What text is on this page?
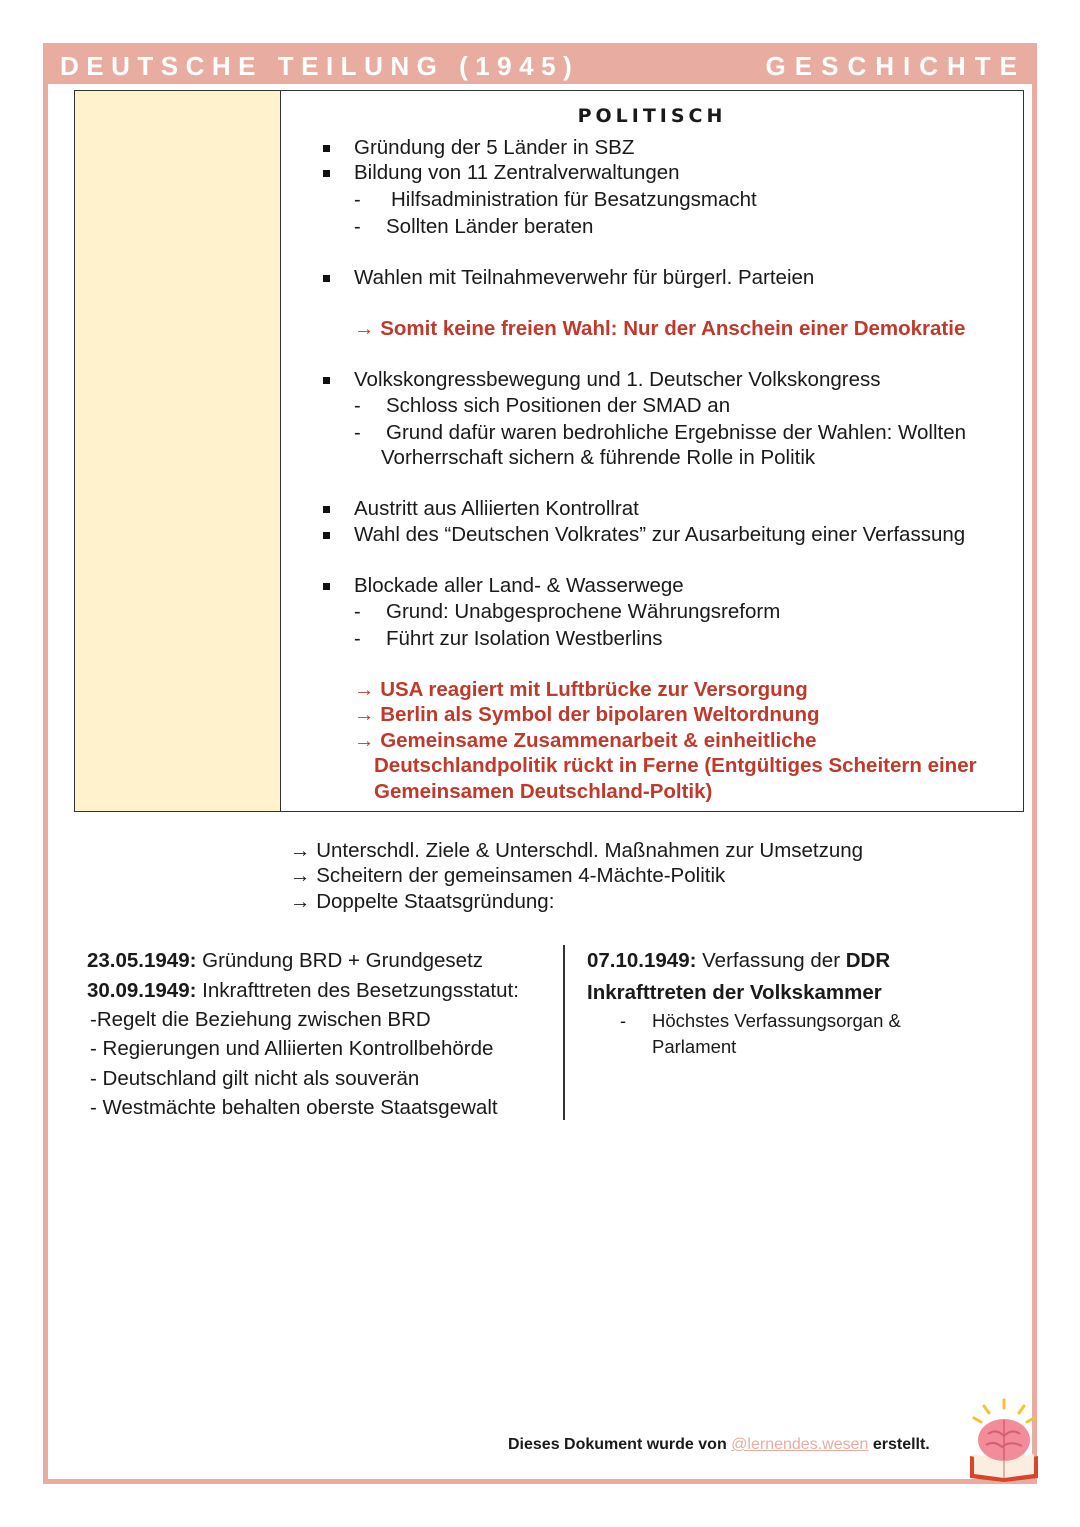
DEUTSCHE TEILUNG (1945)	GESCHICHTE
POLITISCH
Gründung der 5 Länder in SBZ
Bildung von 11 Zentralverwaltungen
- Hilfsadministration für Besatzungsmacht
- Sollten Länder beraten
Wahlen mit Teilnahmeverwehr für bürgerl. Parteien
→ Somit keine freien Wahl: Nur der Anschein einer Demokratie
Volkskongressbewegung und 1. Deutscher Volkskongress
- Schloss sich Positionen der SMAD an
- Grund dafür waren bedrohliche Ergebnisse der Wahlen: Wollten
Vorherrschaft sichern & führende Rolle in Politik
Austritt aus Alliierten Kontrollrat
Wahl des “Deutschen Volkrates” zur Ausarbeitung einer Verfassung
Blockade aller Land- & Wasserwege
- Grund: Unabgesprochene Währungsreform
- Führt zur Isolation Westberlins
→ USA reagiert mit Luftbrücke zur Versorgung
→ Berlin als Symbol der bipolaren Weltordnung
→ Gemeinsame Zusammenarbeit & einheitliche
Deutschlandpolitik rückt in Ferne (Entgültiges Scheitern einer
Gemeinsamen Deutschland-Poltik)
→ Unterschdl. Ziele & Unterschdl. Maßnahmen zur Umsetzung
→ Scheitern der gemeinsamen 4-Mächte-Politik
→ Doppelte Staatsgründung:
23.05.1949: Gründung BRD + Grundgesetz
30.09.1949: Inkrafttreten des Besetzungsstatut:
-Regelt die Beziehung zwischen BRD
- Regierungen und Alliierten Kontrollbehörde
- Deutschland gilt nicht als souverän
- Westmächte behalten oberste Staatsgewalt
07.10.1949: Verfassung der DDR
Inkrafttreten der Volkskammer
- Höchstes Verfassungsorgan &
Parlament
Dieses Dokument wurde von @lernendes.wesen erstellt.
